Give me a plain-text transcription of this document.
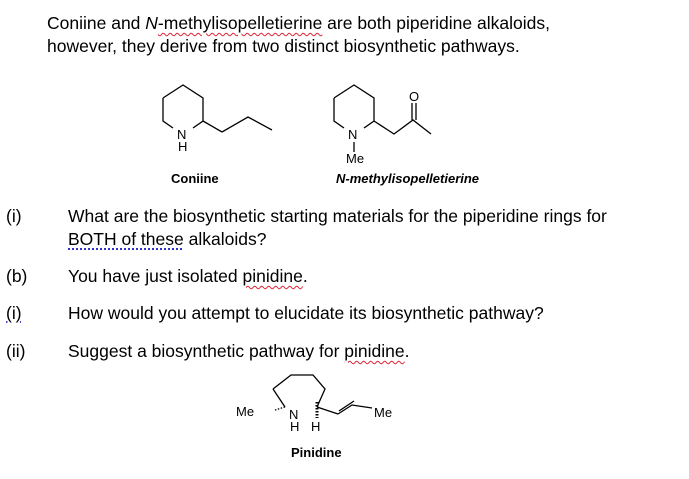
Coniine and N-methylisopelletierine are both piperidine alkaloids,
however, they derive from two distinct biosynthetic pathways.
N
H
N
O
Me
N
H H
Me	Me
Coniine	N-methylisopelletierine
Pinidine
(i)	What are the biosynthetic starting materials for the piperidine rings for
BOTH of these alkaloids?
(b) You have just isolated pinidine.
(i)	How would you attempt to elucidate its biosynthetic pathway?
(ii) Suggest a biosynthetic pathway for pinidine.
